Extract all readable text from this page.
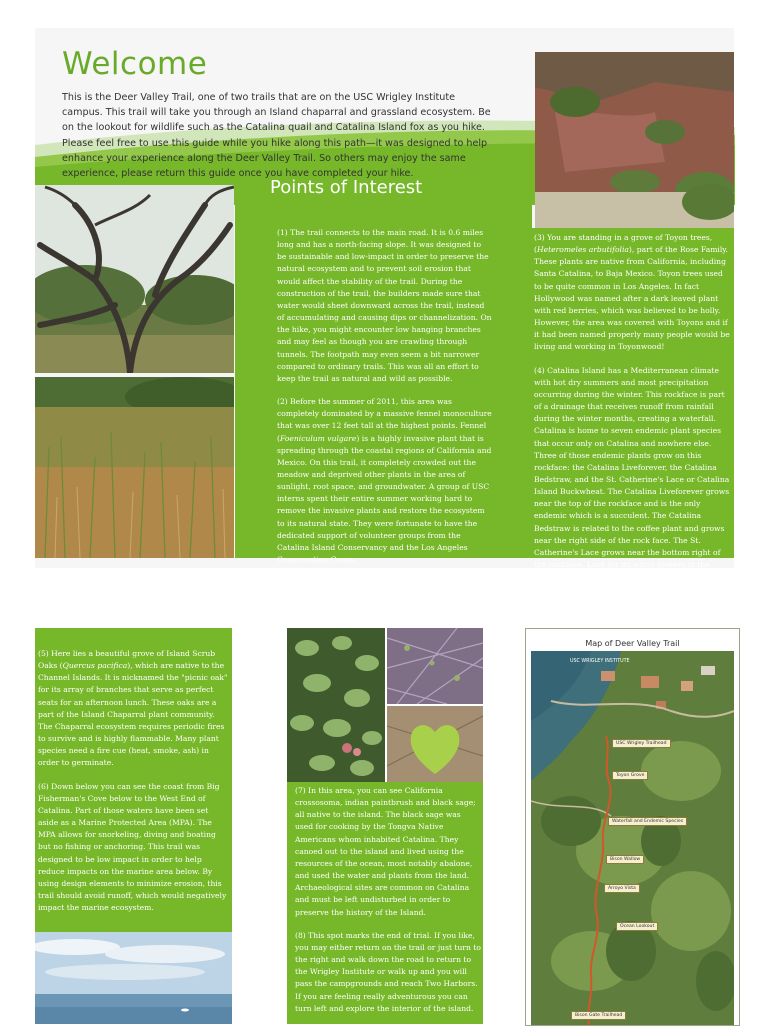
Welcome
This is the Deer Valley Trail, one of two trails that are on the USC Wrigley Institute campus. This trail will take you through an Island chaparral and grassland ecosystem. Be on the lookout for wildlife such as the Catalina quail and Catalina Island fox as you hike. Please feel free to use this guide while you hike along this path—it was designed to help enhance your experience along the Deer Valley Trail. So others may enjoy the same experience, please return this guide once you have completed your hike.
Points of Interest

(1) The trail connects to the main road. It is 0.6 miles long and has a north-facing slope. It was designed to be sustainable and low-impact in order to preserve the natural ecosystem and to prevent soil erosion that would affect the stability of the trail. During the construction of the trail, the builders made sure that water would sheet downward across the trail, instead of accumulating and causing dips or channelization. On the hike, you might encounter low hanging branches and may feel as though you are crawling through tunnels. The footpath may even seem a bit narrower compared to ordinary trails. This was all an effort to keep the trail as natural and wild as possible.

(2) Before the summer of 2011, this area was completely dominated by a massive fennel monoculture that was over 12 feet tall at the highest points. Fennel (Foeniculum vulgare) is a highly invasive plant that is spreading through the coastal regions of California and Mexico. On this trail, it completely crowded out the meadow and deprived other plants in the area of sunlight, root space, and groundwater. A group of USC interns spent their entire summer working hard to remove the invasive plants and restore the ecosystem to its natural state. They were fortunate to have the dedicated support of volunteer groups from the Catalina Island Conservancy and the Los Angeles Conservation Corps.

(3) You are standing in a grove of Toyon trees, (Heteromeles arbutifolia), part of the Rose Family. These plants are native from California, including Santa Catalina, to Baja Mexico. Toyon trees used to be quite common in Los Angeles. In fact Hollywood was named after a dark leaved plant with red berries, which was believed to be holly. However, the area was covered with Toyons and if it had been named properly many people would be living and working in Toyonwood!

(4) Catalina Island has a Mediterranean climate with hot dry summers and most precipitation occurring during the winter. This rockface is part of a drainage that receives runoff from rainfall during the winter months, creating a waterfall. Catalina is home to seven endemic plant species that occur only on Catalina and nowhere else. Three of those endemic plants grow on this rockface: the Catalina Liveforever, the Catalina Bedstraw, and the St. Catherine's Lace or Catalina Island Buckwheat. The Catalina Liveforever grows near the top of the rockface and is the only endemic which is a succulent. The Catalina Bedstraw is related to the coffee plant and grows near the right side of the rock face. The St. Catherine's Lace grows near the bottom right of the rockface. Look for its white flowers in the spring or deep russet flowers in the fall.

(5) Here lies a beautiful grove of Island Scrub Oaks (Quercus pacifica), which are native to the Channel Islands. It is nicknamed the "picnic oak" for its array of branches that serve as perfect seats for an afternoon lunch. These oaks are a part of the Island Chaparral plant community. The Chaparral ecosystem requires periodic fires to survive and is highly flammable. Many plant species need a fire cue (heat, smoke, ash) in order to germinate.

(6) Down below you can see the coast from Big Fisherman's Cove below to the West End of Catalina. Part of those waters have been set aside as a Marine Protected Area (MPA). The MPA allows for snorkeling, diving and boating but no fishing or anchoring. This trail was designed to be low impact in order to help reduce impacts on the marine area below. By using design elements to minimize erosion, this trail should avoid runoff, which would negatively impact the marine ecosystem.

(7) In this area, you can see California crossosoma, indian paintbrush and black sage; all native to the island. The black sage was used for cooking by the Tongva Native Americans whom inhabited Catalina. They canoed out to the island and lived using the resources of the ocean, most notably abalone, and used the water and plants from the land. Archaeological sites are common on Catalina and must be left undisturbed in order to preserve the history of the Island.

(8) This spot marks the end of trial. If you like, you may either return on the trail or just turn to the right and walk down the road to return to the Wrigley Institute or walk up and you will pass the campgrounds and reach Two Harbors. If you are feeling really adventurous you can turn left and explore the interior of the island.

Map of Deer Valley Trail
USC WRIGLEY INSTITUTE
USC Wrigley Trailhead
Toyon Grove
Waterfall and Endemic Species
Bison Wallow
Arroyo Vista
Ocean Lookout
Bison Gate Trailhead
